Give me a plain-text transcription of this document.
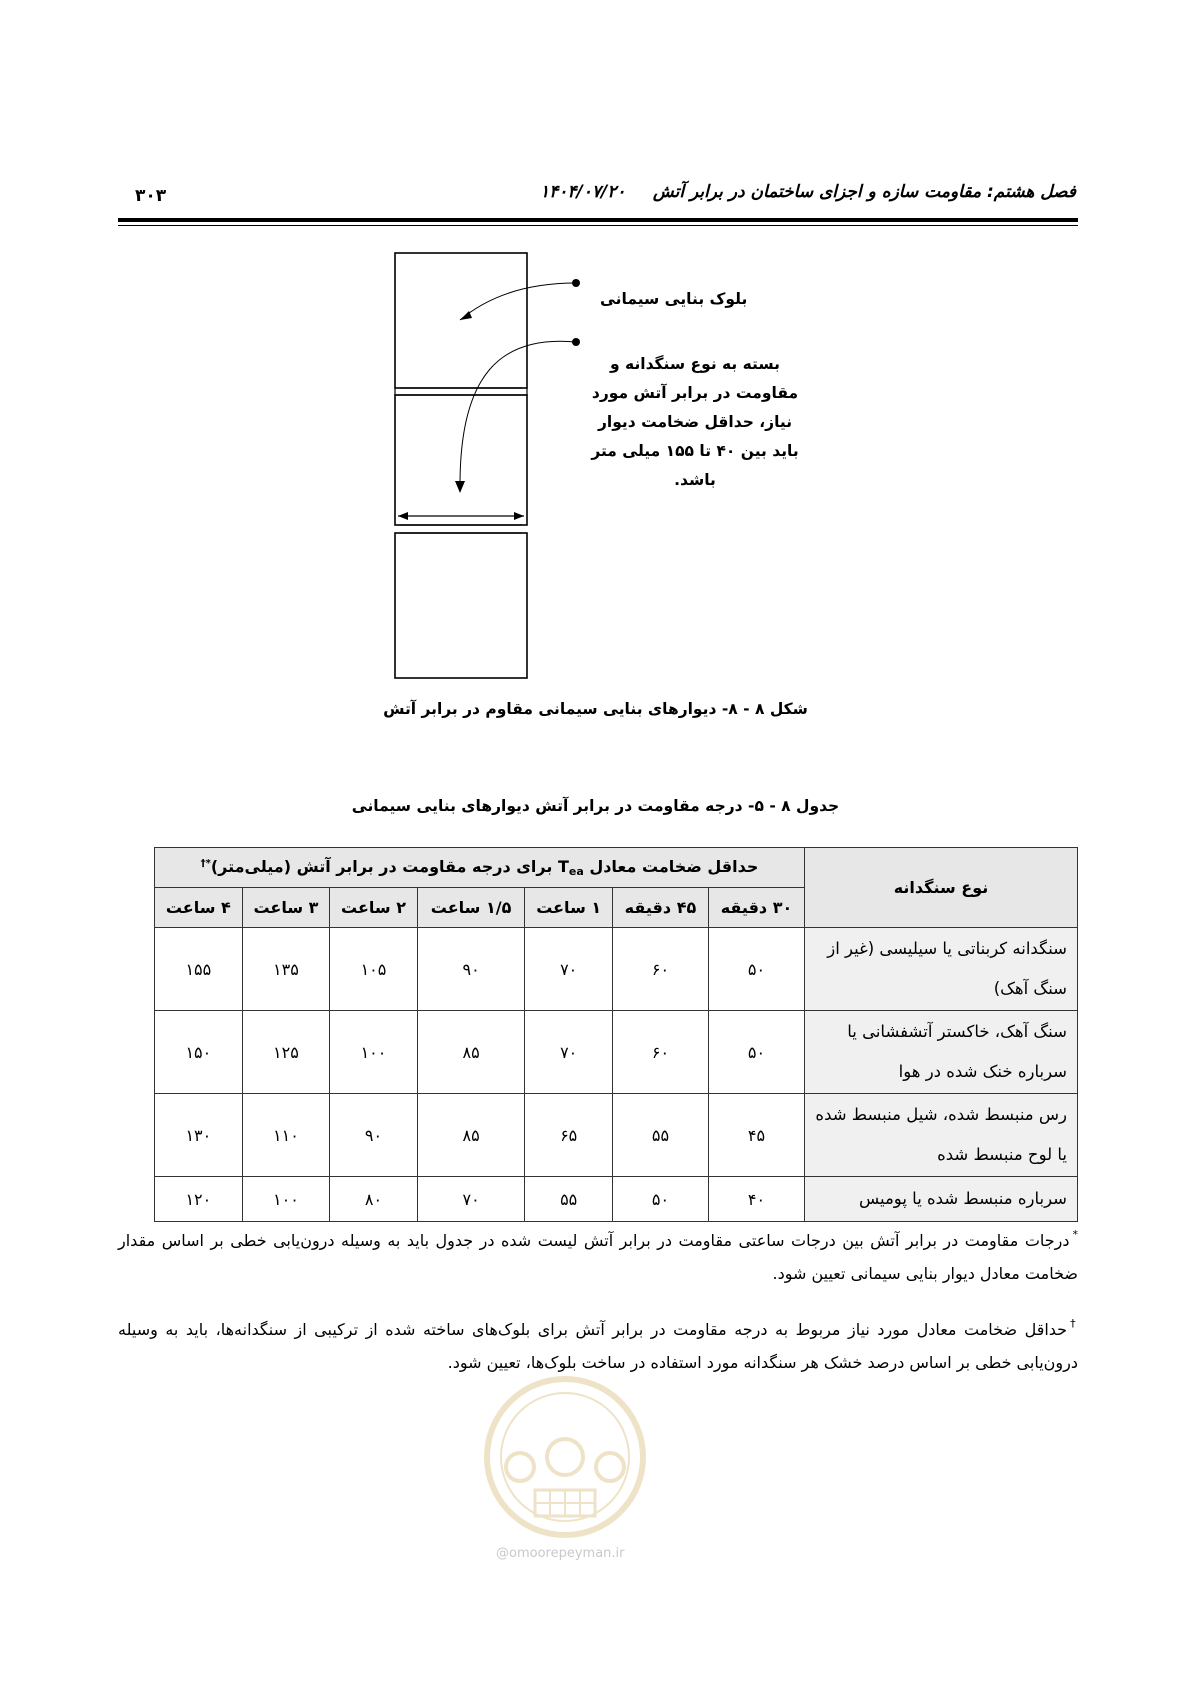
فصل هشتم: مقاومت سازه و اجزای ساختمان در برابر آتش
۱۴۰۴/۰۷/۲۰
۳۰۳
بلوک بنایی سیمانی
بسته به نوع سنگدانه و مقاومت در برابر آتش مورد نیاز، حداقل ضخامت دیوار باید بین ۴۰ تا ۱۵۵ میلی متر باشد.
شکل ۸ - ۸- دیوارهای بنایی سیمانی مقاوم در برابر آتش
جدول ۸ - ۵- درجه مقاومت در برابر آتش دیوارهای بنایی سیمانی
نوع سنگدانه	حداقل ضخامت معادل $T_{ea}$ برای درجه مقاومت در برابر آتش (میلی‌متر)*†
	۳۰ دقیقه	۴۵ دقیقه	۱ ساعت	۱/۵ ساعت	۲ ساعت	۳ ساعت	۴ ساعت
سنگدانه کربناتی یا سیلیسی (غیر از سنگ آهک)	۵۰	۶۰	۷۰	۹۰	۱۰۵	۱۳۵	۱۵۵
سنگ آهک، خاکستر آتشفشانی یا سرباره خنک شده در هوا	۵۰	۶۰	۷۰	۸۵	۱۰۰	۱۲۵	۱۵۰
رس منبسط شده، شیل منبسط شده یا لوح منبسط شده	۴۵	۵۵	۶۵	۸۵	۹۰	۱۱۰	۱۳۰
سرباره منبسط شده یا پومیس	۴۰	۵۰	۵۵	۷۰	۸۰	۱۰۰	۱۲۰
*درجات مقاومت در برابر آتش بین درجات ساعتی مقاومت در برابر آتش لیست شده در جدول باید به وسیله درون‌یابی خطی بر اساس مقدار ضخامت معادل دیوار بنایی سیمانی تعیین شود.
†حداقل ضخامت معادل مورد نیاز مربوط به درجه مقاومت در برابر آتش برای بلوک‌های ساخته شده از ترکیبی از سنگدانه‌ها، باید به وسیله درون‌یابی خطی بر اساس درصد خشک هر سنگدانه مورد استفاده در ساخت بلوک‌ها، تعیین شود.
@omoorepeyman.ir
